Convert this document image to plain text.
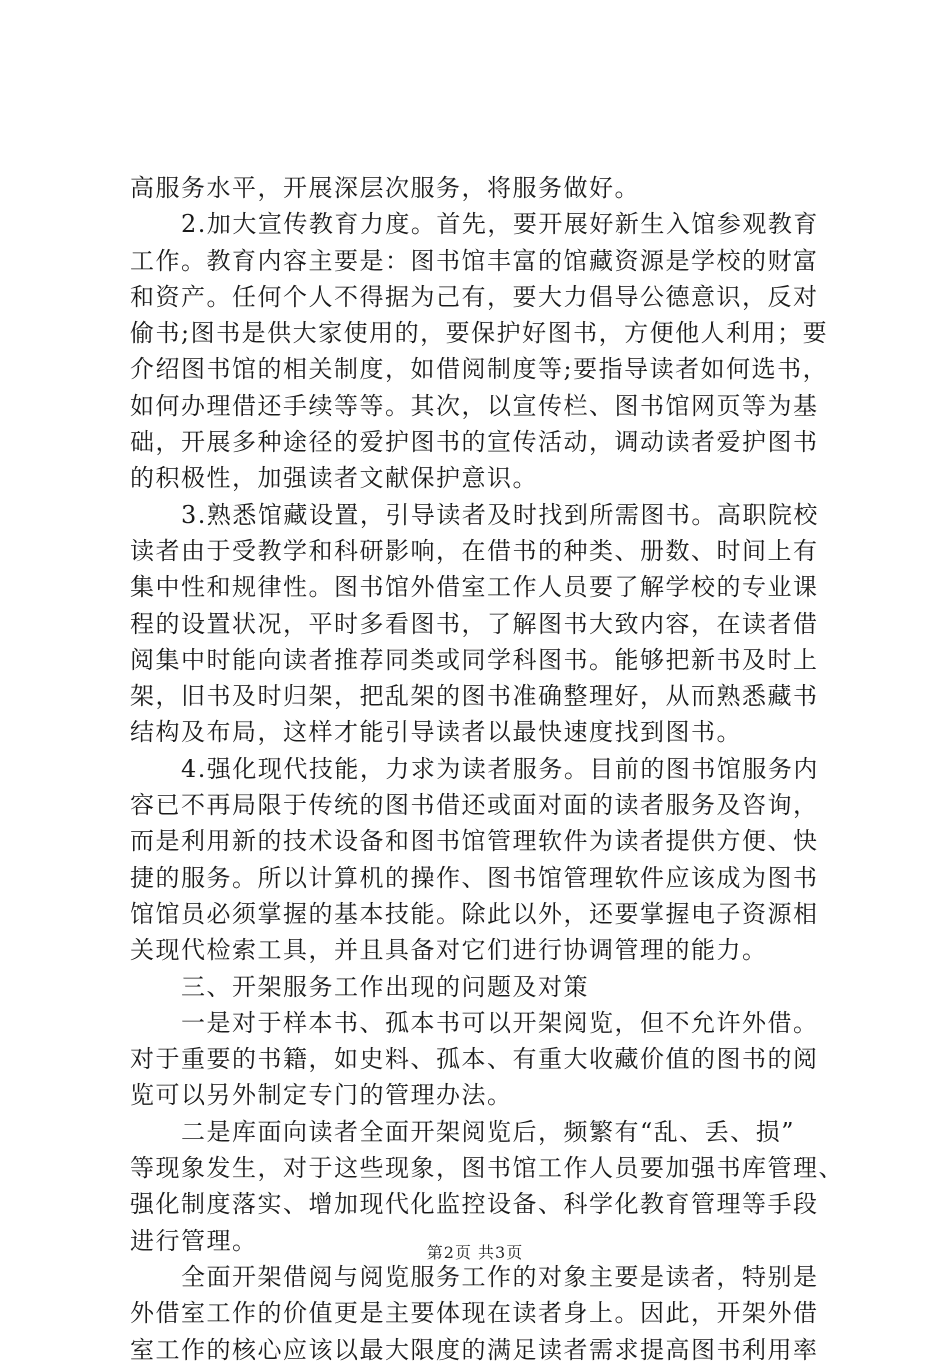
高服务水平，开展深层次服务，将服务做好。
　　2.加大宣传教育力度。首先，要开展好新生入馆参观教育
工作。教育内容主要是：图书馆丰富的馆藏资源是学校的财富
和资产。任何个人不得据为己有，要大力倡导公德意识，反对
偷书;图书是供大家使用的，要保护好图书，方便他人利用；要
介绍图书馆的相关制度，如借阅制度等;要指导读者如何选书，
如何办理借还手续等等。其次，以宣传栏、图书馆网页等为基
础，开展多种途径的爱护图书的宣传活动，调动读者爱护图书
的积极性，加强读者文献保护意识。
　　3.熟悉馆藏设置，引导读者及时找到所需图书。高职院校
读者由于受教学和科研影响，在借书的种类、册数、时间上有
集中性和规律性。图书馆外借室工作人员要了解学校的专业课
程的设置状况，平时多看图书，了解图书大致内容，在读者借
阅集中时能向读者推荐同类或同学科图书。能够把新书及时上
架，旧书及时归架，把乱架的图书准确整理好，从而熟悉藏书
结构及布局，这样才能引导读者以最快速度找到图书。
　　4.强化现代技能，力求为读者服务。目前的图书馆服务内
容已不再局限于传统的图书借还或面对面的读者服务及咨询，
而是利用新的技术设备和图书馆管理软件为读者提供方便、快
捷的服务。所以计算机的操作、图书馆管理软件应该成为图书
馆馆员必须掌握的基本技能。除此以外，还要掌握电子资源相
关现代检索工具，并且具备对它们进行协调管理的能力。
　　三、开架服务工作出现的问题及对策
　　一是对于样本书、孤本书可以开架阅览，但不允许外借。
对于重要的书籍，如史料、孤本、有重大收藏价值的图书的阅
览可以另外制定专门的管理办法。
　　二是库面向读者全面开架阅览后，频繁有“乱、丢、损”
等现象发生，对于这些现象，图书馆工作人员要加强书库管理、
强化制度落实、增加现代化监控设备、科学化教育管理等手段
进行管理。
　　全面开架借阅与阅览服务工作的对象主要是读者，特别是
外借室工作的价值更是主要体现在读者身上。因此，开架外借
室工作的核心应该以最大限度的满足读者需求提高图书利用率
第2页 共3页
